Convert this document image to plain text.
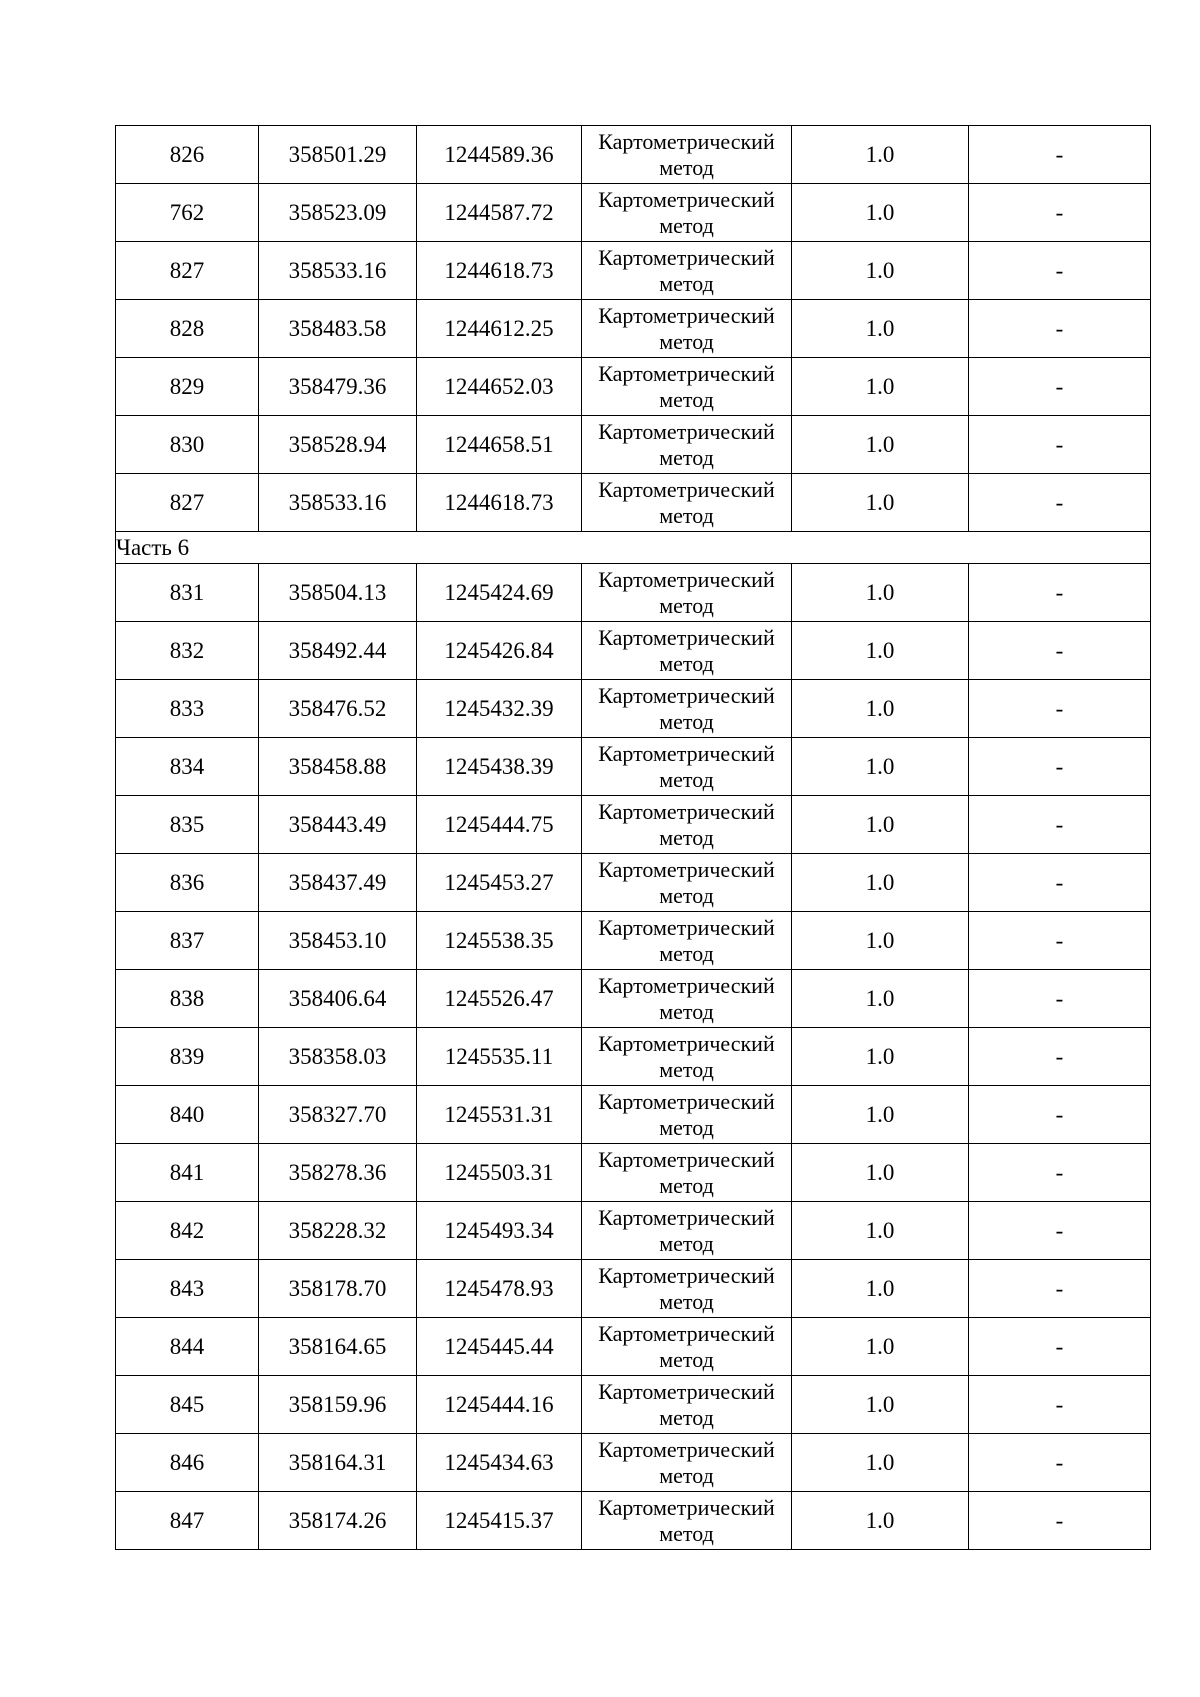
826	358501.29	1244589.36	Картометрический метод	1.0	-
762	358523.09	1244587.72	Картометрический метод	1.0	-
827	358533.16	1244618.73	Картометрический метод	1.0	-
828	358483.58	1244612.25	Картометрический метод	1.0	-
829	358479.36	1244652.03	Картометрический метод	1.0	-
830	358528.94	1244658.51	Картометрический метод	1.0	-
827	358533.16	1244618.73	Картометрический метод	1.0	-
Часть 6					
831	358504.13	1245424.69	Картометрический метод	1.0	-
832	358492.44	1245426.84	Картометрический метод	1.0	-
833	358476.52	1245432.39	Картометрический метод	1.0	-
834	358458.88	1245438.39	Картометрический метод	1.0	-
835	358443.49	1245444.75	Картометрический метод	1.0	-
836	358437.49	1245453.27	Картометрический метод	1.0	-
837	358453.10	1245538.35	Картометрический метод	1.0	-
838	358406.64	1245526.47	Картометрический метод	1.0	-
839	358358.03	1245535.11	Картометрический метод	1.0	-
840	358327.70	1245531.31	Картометрический метод	1.0	-
841	358278.36	1245503.31	Картометрический метод	1.0	-
842	358228.32	1245493.34	Картометрический метод	1.0	-
843	358178.70	1245478.93	Картометрический метод	1.0	-
844	358164.65	1245445.44	Картометрический метод	1.0	-
845	358159.96	1245444.16	Картометрический метод	1.0	-
846	358164.31	1245434.63	Картометрический метод	1.0	-
847	358174.26	1245415.37	Картометрический метод	1.0	-
